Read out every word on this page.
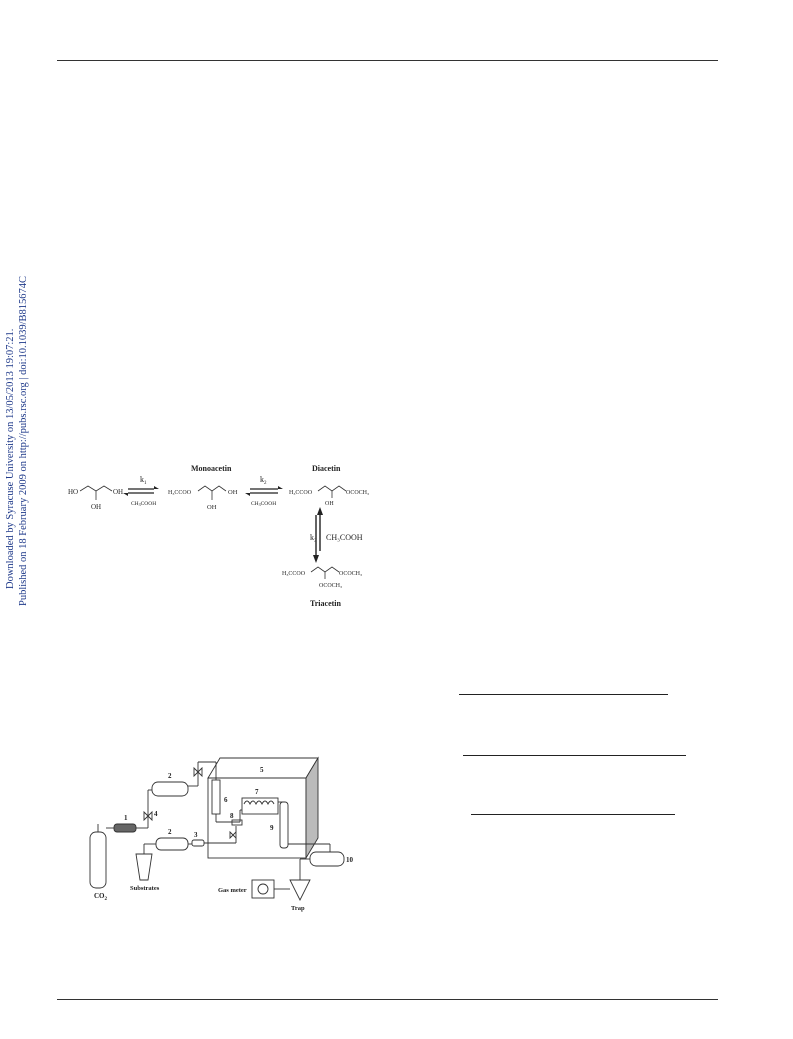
Downloaded by Syracuse University on 13/05/2013 19:07:21. Published on 18 February 2009 on http://pubs.rsc.org | doi:10.1039/B815674C	HO	OH
OH
$k_1$
CH3COOH
Monoacetin
H₃CCOO	OH
OH
$k_2$
CH3COOH
Diacetin
H₃CCOO	OCOCH₃
OH
$k_3$ CH₃COOH
H₃CCOO	OCOCH₃
OCOCH₃
Triacetin
1
2
4
2	3
5
6
7
8
9
10
$CO_2$
Substrates	Gas meter
Trap
